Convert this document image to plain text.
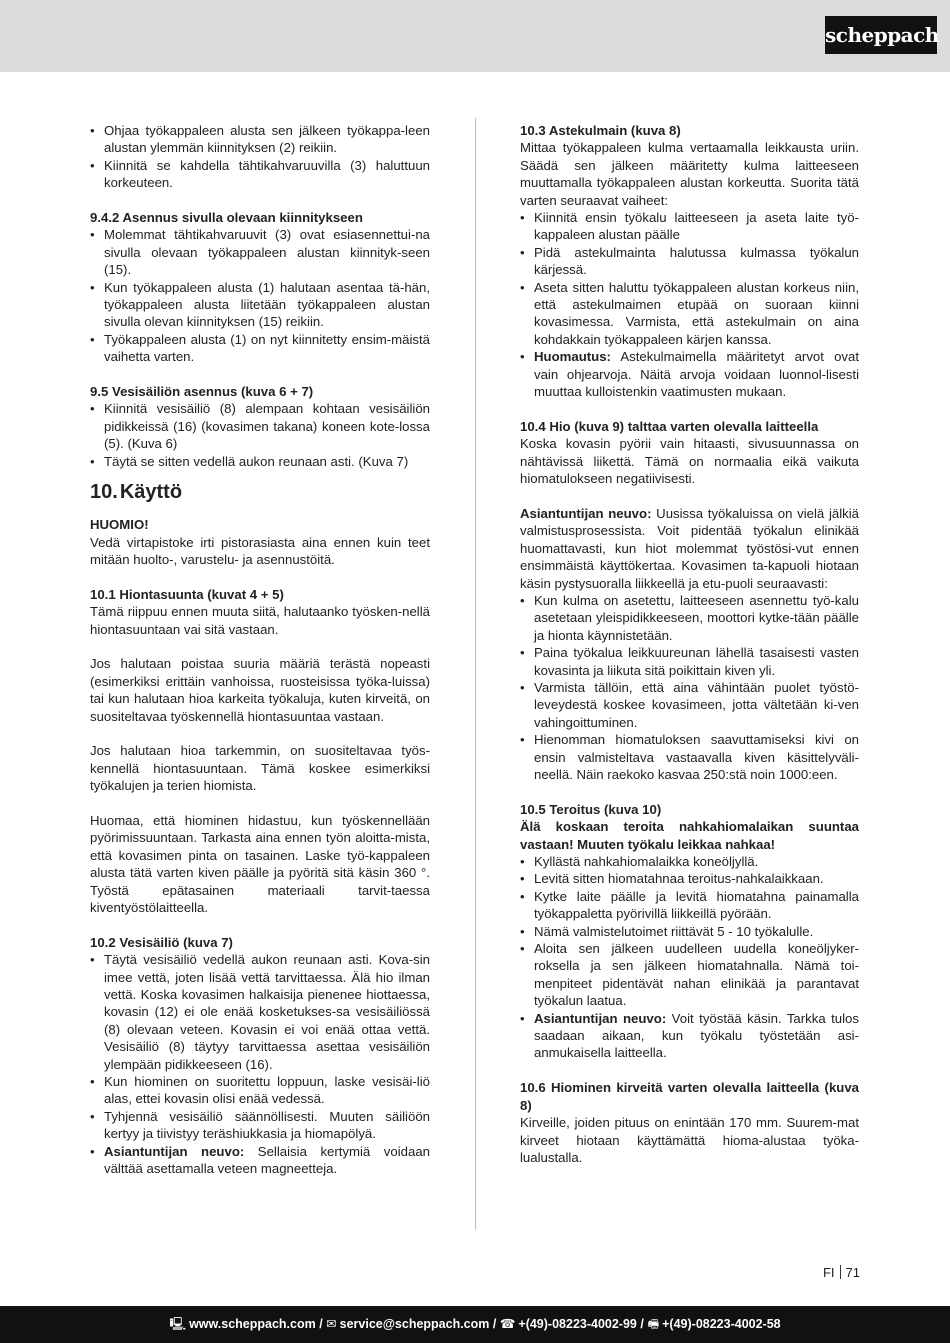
scheppach
• Ohjaa työkappaleen alusta sen jälkeen työkappa-leen alustan ylemmän kiinnityksen (2) reikiin.
• Kiinnitä se kahdella tähtikahvaruuvilla (3) haluttuun korkeuteen.

9.4.2 Asennus sivulla olevaan kiinnitykseen

• Molemmat tähtikahvaruuvit (3) ovat esiasennettui-na sivulla olevaan työkappaleen alustan kiinnityk-seen (15).
• Kun työkappaleen alusta (1) halutaan asentaa tä-hän, työkappaleen alusta liitetään työkappaleen alustan sivulla olevan kiinnityksen (15) reikiin.
• Työkappaleen alusta (1) on nyt kiinnitetty ensim-mäistä vaihetta varten.

9.5 Vesisäiliön asennus (kuva 6 + 7)

• Kiinnitä vesisäiliö (8) alempaan kohtaan vesisäiliön pidikkeissä (16) (kovasimen takana) koneen kote-lossa (5). (Kuva 6)
• Täytä se sitten vedellä aukon reunaan asti. (Kuva 7)
10. Käyttö

HUOMIO!

Vedä virtapistoke irti pistorasiasta aina ennen kuin teet mitään huolto-, varustelu- ja asennustöitä.

10.1 Hiontasuunta (kuvat 4 + 5)

Tämä riippuu ennen muuta siitä, halutaanko työsken-nellä hiontasuuntaan vai sitä vastaan.

Jos halutaan poistaa suuria määriä terästä nopeasti (esimerkiksi erittäin vanhoissa, ruosteisissa työka-luissa) tai kun halutaan hioa karkeita työkaluja, kuten kirveitä, on suositeltavaa työskennellä hiontasuuntaa vastaan.

Jos halutaan hioa tarkemmin, on suositeltavaa työs-kennellä hiontasuuntaan. Tämä koskee esimerkiksi työkalujen ja terien hiomista.

Huomaa, että hiominen hidastuu, kun työskennellään pyörimissuuntaan. Tarkasta aina ennen työn aloitta-mista, että kovasimen pinta on tasainen. Laske työ-kappaleen alusta tätä varten kiven päälle ja pyöritä sitä käsin 360 °. Työstä epätasainen materiaali tarvit-taessa kiventyöstölaitteella.

10.2 Vesisäiliö (kuva 7)

• Täytä vesisäiliö vedellä aukon reunaan asti. Kova-sin imee vettä, joten lisää vettä tarvittaessa. Älä hio ilman vettä. Koska kovasimen halkaisija pienenee hiottaessa, kovasin (12) ei ole enää kosketukses-sa vesisäiliössä (8) olevaan veteen. Kovasin ei voi enää ottaa vettä. Vesisäiliö (8) täytyy tarvittaessa asettaa vesisäiliön ylempään pidikkeeseen (16).
• Kun hiominen on suoritettu loppuun, laske vesisäi-liö alas, ettei kovasin olisi enää vedessä.
• Tyhjennä vesisäiliö säännöllisesti. Muuten säiliöön kertyy ja tiivistyy teräshiukkasia ja hiomapölyä.
• Asiantuntijan neuvo: Sellaisia kertymiä voidaan välttää asettamalla veteen magneetteja.

10.3 Astekulmain (kuva 8)

Mittaa työkappaleen kulma vertaamalla leikkausta uriin. Säädä sen jälkeen määritetty kulma laitteeseen muuttamalla työkappaleen alustan korkeutta. Suorita tätä varten seuraavat vaiheet:

• Kiinnitä ensin työkalu laitteeseen ja aseta laite työ-kappaleen alustan päälle
• Pidä astekulmainta halutussa kulmassa työkalun kärjessä.
• Aseta sitten haluttu työkappaleen alustan korkeus niin, että astekulmaimen etupää on suoraan kiinni kovasimessa. Varmista, että astekulmain on aina kohdakkain työkappaleen kärjen kanssa.
• Huomautus: Astekulmaimella määritetyt arvot ovat vain ohjearvoja. Näitä arvoja voidaan luonnol-lisesti muuttaa kulloistenkin vaatimusten mukaan.

10.4 Hio (kuva 9) talttaa varten olevalla laitteella

Koska kovasin pyörii vain hitaasti, sivusuunnassa on nähtävissä liikettä. Tämä on normaalia eikä vaikuta hiomatulokseen negatiivisesti.

Asiantuntijan neuvo: Uusissa työkaluissa on vielä jälkiä valmistusprosessista. Voit pidentää työkalun elinikää huomattavasti, kun hiot molemmat työstösi-vut ennen ensimmäistä käyttökertaa. Kovasimen ta-kapuoli hiotaan käsin pystysuoralla liikkeellä ja etu-puoli seuraavasti:

• Kun kulma on asetettu, laitteeseen asennettu työ-kalu asetetaan yleispidikkeeseen, moottori kytke-tään päälle ja hionta käynnistetään.
• Paina työkalua leikkuureunan lähellä tasaisesti vasten kovasinta ja liikuta sitä poikittain kiven yli.
• Varmista tällöin, että aina vähintään puolet työstö-leveydestä koskee kovasimeen, jotta vältetään ki-ven vahingoittuminen.
• Hienomman hiomatuloksen saavuttamiseksi kivi on ensin valmisteltava vastaavalla kiven käsittelyväli-neellä. Näin raekoko kasvaa 250:stä noin 1000:een.

10.5 Teroitus (kuva 10)

Älä koskaan teroita nahkahiomalaikan suuntaa vastaan! Muuten työkalu leikkaa nahkaa!

• Kyllästä nahkahiomalaikka koneöljyllä.
• Levitä sitten hiomatahnaa teroitus-nahkalaikkaan.
• Kytke laite päälle ja levitä hiomatahna painamalla työkappaletta pyörivillä liikkeillä pyörään.
• Nämä valmistelutoimet riittävät 5 - 10 työkalulle.
• Aloita sen jälkeen uudelleen uudella koneöljyker-roksella ja sen jälkeen hiomatahnalla. Nämä toi-menpiteet pidentävät nahan elinikää ja parantavat työkalun laatua.
• Asiantuntijan neuvo: Voit työstää käsin. Tarkka tulos saadaan aikaan, kun työkalu työstetään asi-anmukaisella laitteella.

10.6 Hiominen kirveitä varten olevalla laitteella (kuva 8)

Kirveille, joiden pituus on enintään 170 mm. Suurem-mat kirveet hiotaan käyttämättä hioma-alustaa työka-lualustalla.

FI 71
🖳 www.scheppach.com / ✉ service@scheppach.com / ☎ +(49)-08223-4002-99 / 🖷 +(49)-08223-4002-58
